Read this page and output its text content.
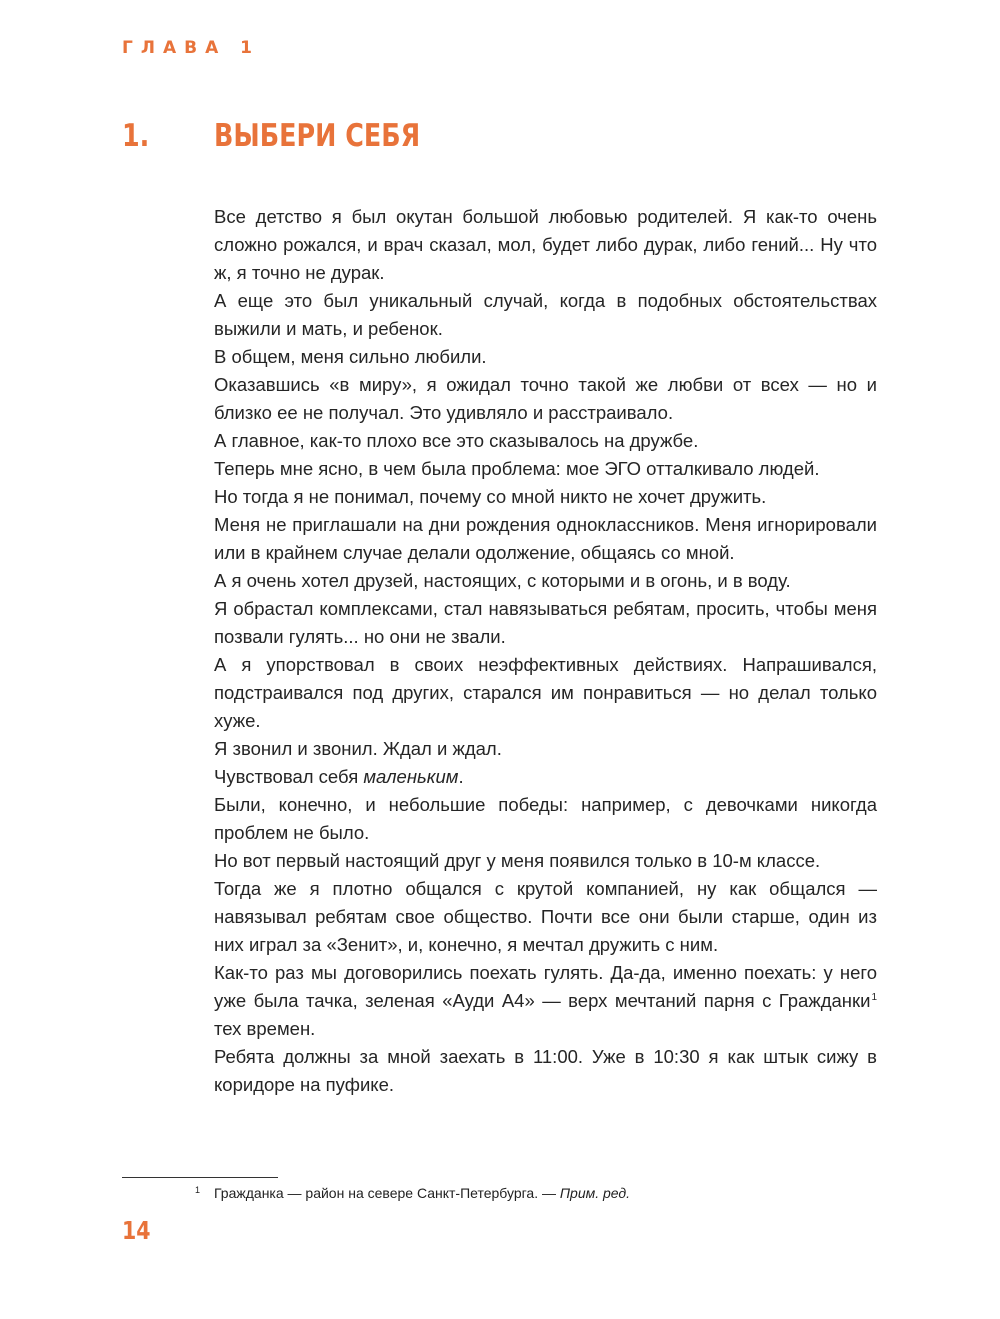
ГЛАВА 1
1. ВЫБЕРИ СЕБЯ

Все детство я был окутан большой любовью родителей. Я как-то очень сложно рожался, и врач сказал, мол, будет либо дурак, либо гений... Ну что ж, я точно не дурак.

А еще это был уникальный случай, когда в подобных обстоятельствах выжили и мать, и ребенок.

В общем, меня сильно любили.

Оказавшись «в миру», я ожидал точно такой же любви от всех — но и близко ее не получал. Это удивляло и расстраивало.

А главное, как-то плохо все это сказывалось на дружбе.

Теперь мне ясно, в чем была проблема: мое ЭГО отталкивало людей.

Но тогда я не понимал, почему со мной никто не хочет дружить.

Меня не приглашали на дни рождения одноклассников. Меня игнорировали или в крайнем случае делали одолжение, общаясь со мной.

А я очень хотел друзей, настоящих, с которыми и в огонь, и в воду.

Я обрастал комплексами, стал навязываться ребятам, просить, чтобы меня позвали гулять... но они не звали.

А я упорствовал в своих неэффективных действиях. Напрашивался, подстраивался под других, старался им понравиться — но делал только хуже.

Я звонил и звонил. Ждал и ждал.

Чувствовал себя маленьким.

Были, конечно, и небольшие победы: например, с девочками никогда проблем не было.

Но вот первый настоящий друг у меня появился только в 10-м классе.

Тогда же я плотно общался с крутой компанией, ну как общался — навязывал ребятам свое общество. Почти все они были старше, один из них играл за «Зенит», и, конечно, я мечтал дружить с ним.

Как-то раз мы договорились поехать гулять. Да-да, именно поехать: у него уже была тачка, зеленая «Ауди А4» — верх мечтаний парня с Гражданки$^1$ тех времен.

Ребята должны за мной заехать в 11:00. Уже в 10:30 я как штык сижу в коридоре на пуфике.

1 Гражданка — район на севере Санкт-Петербурга. — Прим. ред.
14
